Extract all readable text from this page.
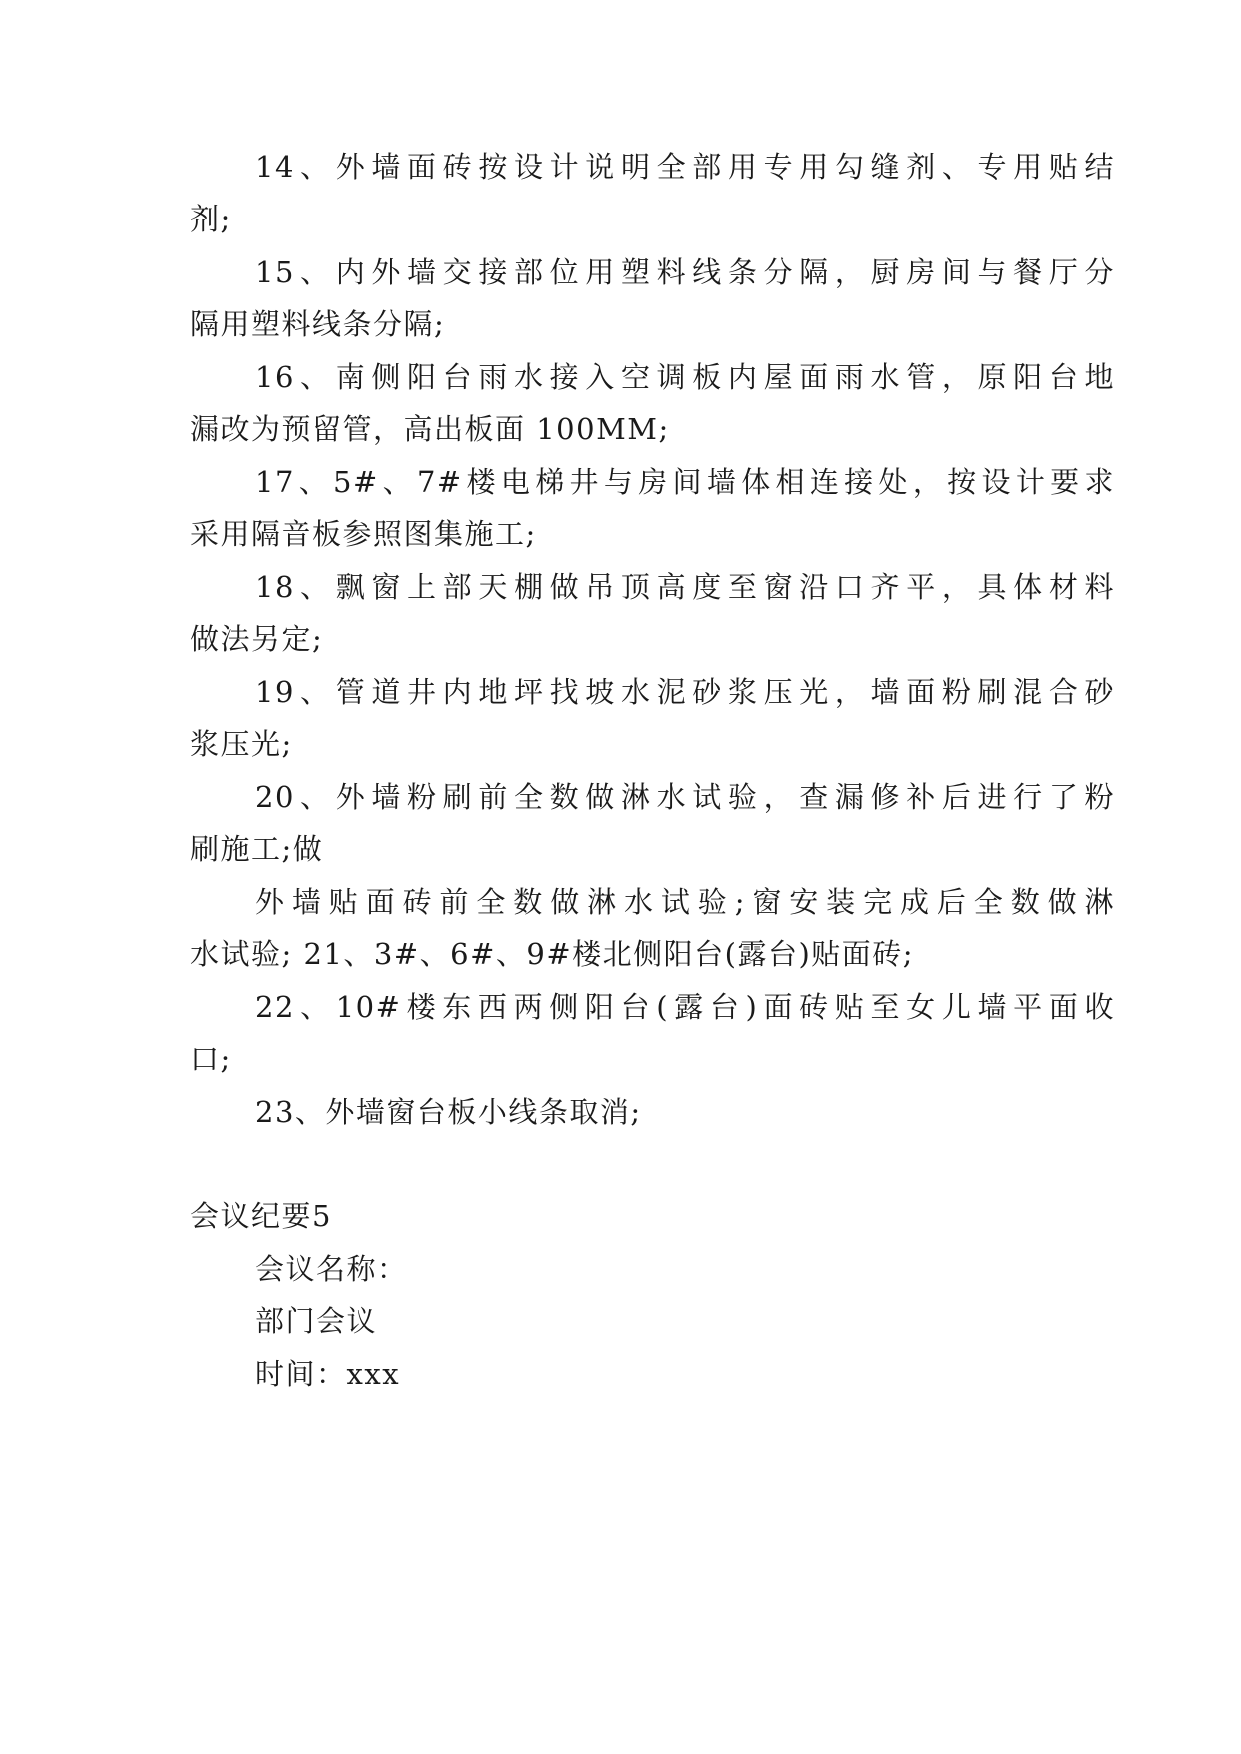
14、外墙面砖按设计说明全部用专用勾缝剂、专用贴结
剂;
15、内外墙交接部位用塑料线条分隔，厨房间与餐厅分
隔用塑料线条分隔;
16、南侧阳台雨水接入空调板内屋面雨水管，原阳台地
漏改为预留管，高出板面 100MM;
17、5#、7#楼电梯井与房间墙体相连接处，按设计要求
采用隔音板参照图集施工;
18、飘窗上部天棚做吊顶高度至窗沿口齐平，具体材料
做法另定;
19、管道井内地坪找坡水泥砂浆压光，墙面粉刷混合砂
浆压光;
20、外墙粉刷前全数做淋水试验，查漏修补后进行了粉
刷施工;做
外墙贴面砖前全数做淋水试验;窗安装完成后全数做淋
水试验; 21、3#、6#、9#楼北侧阳台(露台)贴面砖;
22、10#楼东西两侧阳台(露台)面砖贴至女儿墙平面收
口;
23、外墙窗台板小线条取消;
会议纪要5
会议名称：
部门会议
时间：xxx
